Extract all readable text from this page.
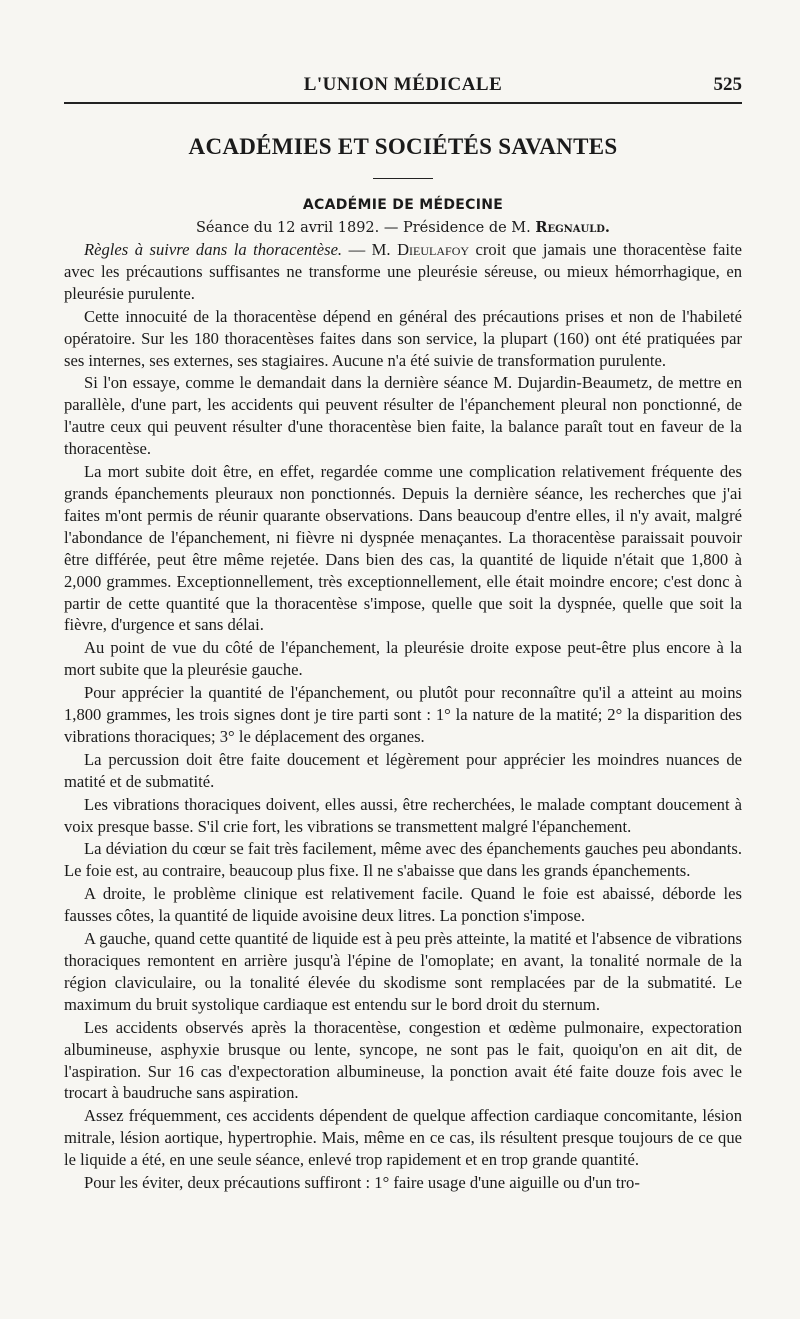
L'UNION MÉDICALE	525
ACADÉMIES ET SOCIÉTÉS SAVANTES
ACADÉMIE DE MÉDECINE
Séance du 12 avril 1892. — Présidence de M. Regnauld.

Règles à suivre dans la thoracentèse. — M. Dieulafoy croit que jamais une thoracentèse faite avec les précautions suffisantes ne transforme une pleurésie séreuse, ou mieux hémorrhagique, en pleurésie purulente.

Cette innocuité de la thoracentèse dépend en général des précautions prises et non de l'habileté opératoire. Sur les 180 thoracentèses faites dans son service, la plupart (160) ont été pratiquées par ses internes, ses externes, ses stagiaires. Aucune n'a été suivie de transformation purulente.

Si l'on essaye, comme le demandait dans la dernière séance M. Dujardin-Beaumetz, de mettre en parallèle, d'une part, les accidents qui peuvent résulter de l'épanchement pleural non ponctionné, de l'autre ceux qui peuvent résulter d'une thoracentèse bien faite, la balance paraît tout en faveur de la thoracentèse.

La mort subite doit être, en effet, regardée comme une complication relativement fréquente des grands épanchements pleuraux non ponctionnés. Depuis la dernière séance, les recherches que j'ai faites m'ont permis de réunir quarante observations. Dans beaucoup d'entre elles, il n'y avait, malgré l'abondance de l'épanchement, ni fièvre ni dyspnée menaçantes. La thoracentèse paraissait pouvoir être différée, peut être même rejetée. Dans bien des cas, la quantité de liquide n'était que 1,800 à 2,000 grammes. Exceptionnellement, très exceptionnellement, elle était moindre encore; c'est donc à partir de cette quantité que la thoracentèse s'impose, quelle que soit la dyspnée, quelle que soit la fièvre, d'urgence et sans délai.

Au point de vue du côté de l'épanchement, la pleurésie droite expose peut-être plus encore à la mort subite que la pleurésie gauche.

Pour apprécier la quantité de l'épanchement, ou plutôt pour reconnaître qu'il a atteint au moins 1,800 grammes, les trois signes dont je tire parti sont : 1° la nature de la matité; 2° la disparition des vibrations thoraciques; 3° le déplacement des organes.

La percussion doit être faite doucement et légèrement pour apprécier les moindres nuances de matité et de submatité.

Les vibrations thoraciques doivent, elles aussi, être recherchées, le malade comptant doucement à voix presque basse. S'il crie fort, les vibrations se transmettent malgré l'épanchement.

La déviation du cœur se fait très facilement, même avec des épanchements gauches peu abondants. Le foie est, au contraire, beaucoup plus fixe. Il ne s'abaisse que dans les grands épanchements.

A droite, le problème clinique est relativement facile. Quand le foie est abaissé, déborde les fausses côtes, la quantité de liquide avoisine deux litres. La ponction s'impose.

A gauche, quand cette quantité de liquide est à peu près atteinte, la matité et l'absence de vibrations thoraciques remontent en arrière jusqu'à l'épine de l'omoplate; en avant, la tonalité normale de la région claviculaire, ou la tonalité élevée du skodisme sont remplacées par de la submatité. Le maximum du bruit systolique cardiaque est entendu sur le bord droit du sternum.

Les accidents observés après la thoracentèse, congestion et œdème pulmonaire, expectoration albumineuse, asphyxie brusque ou lente, syncope, ne sont pas le fait, quoiqu'on en ait dit, de l'aspiration. Sur 16 cas d'expectoration albumineuse, la ponction avait été faite douze fois avec le trocart à baudruche sans aspiration.

Assez fréquemment, ces accidents dépendent de quelque affection cardiaque concomitante, lésion mitrale, lésion aortique, hypertrophie. Mais, même en ce cas, ils résultent presque toujours de ce que le liquide a été, en une seule séance, enlevé trop rapidement et en trop grande quantité.

Pour les éviter, deux précautions suffiront : 1° faire usage d'une aiguille ou d'un tro-
